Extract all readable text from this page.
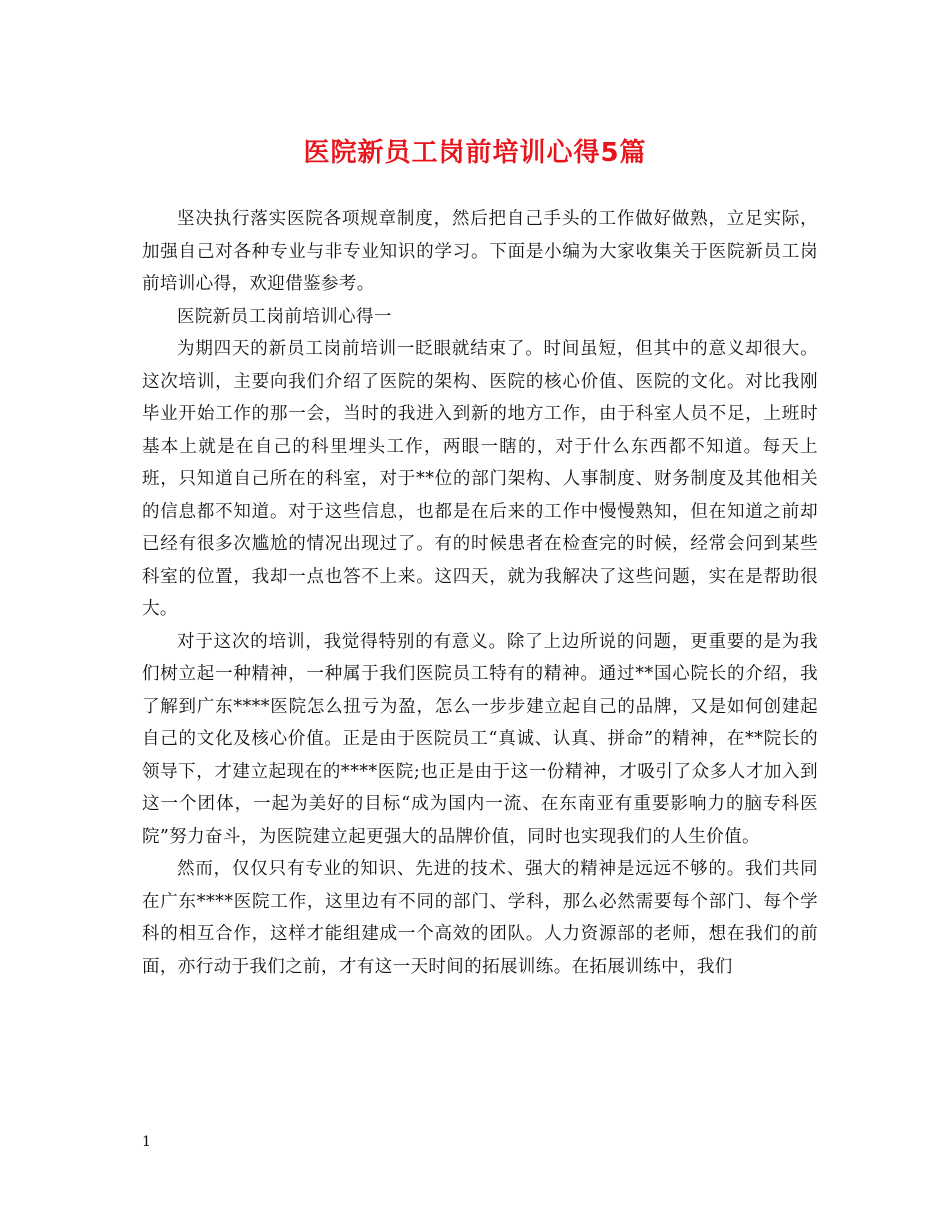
医院新员工岗前培训心得5篇

坚决执行落实医院各项规章制度，然后把自己手头的工作做好做熟，立足实际，加强自己对各种专业与非专业知识的学习。下面是小编为大家收集关于医院新员工岗前培训心得，欢迎借鉴参考。

医院新员工岗前培训心得一

为期四天的新员工岗前培训一眨眼就结束了。时间虽短，但其中的意义却很大。这次培训，主要向我们介绍了医院的架构、医院的核心价值、医院的文化。对比我刚毕业开始工作的那一会，当时的我进入到新的地方工作，由于科室人员不足，上班时基本上就是在自己的科里埋头工作，两眼一瞎的，对于什么东西都不知道。每天上班，只知道自己所在的科室，对于**位的部门架构、人事制度、财务制度及其他相关的信息都不知道。对于这些信息，也都是在后来的工作中慢慢熟知，但在知道之前却已经有很多次尴尬的情况出现过了。有的时候患者在检查完的时候，经常会问到某些科室的位置，我却一点也答不上来。这四天，就为我解决了这些问题，实在是帮助很大。

对于这次的培训，我觉得特别的有意义。除了上边所说的问题，更重要的是为我们树立起一种精神，一种属于我们医院员工特有的精神。通过**国心院长的介绍，我了解到广东****医院怎么扭亏为盈，怎么一步步建立起自己的品牌，又是如何创建起自己的文化及核心价值。正是由于医院员工“真诚、认真、拼命”的精神，在**院长的领导下，才建立起现在的****医院;也正是由于这一份精神，才吸引了众多人才加入到这一个团体，一起为美好的目标“成为国内一流、在东南亚有重要影响力的脑专科医院”努力奋斗，为医院建立起更强大的品牌价值，同时也实现我们的人生价值。

然而，仅仅只有专业的知识、先进的技术、强大的精神是远远不够的。我们共同在广东****医院工作，这里边有不同的部门、学科，那么必然需要每个部门、每个学科的相互合作，这样才能组建成一个高效的团队。人力资源部的老师，想在我们的前面，亦行动于我们之前，才有这一天时间的拓展训练。在拓展训练中，我们

1
